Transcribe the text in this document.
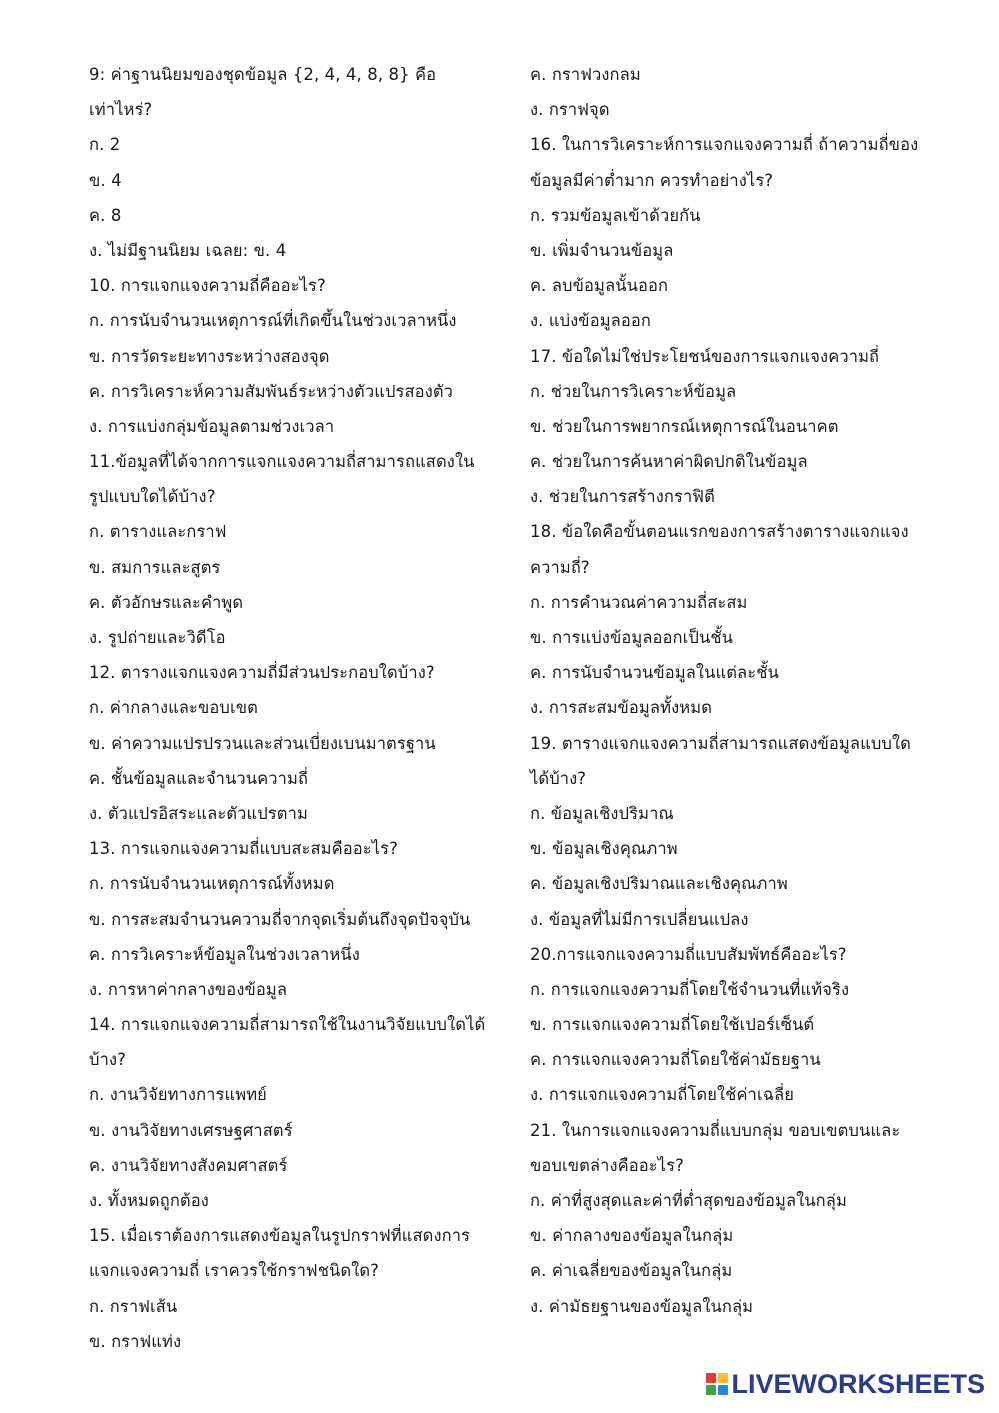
9: ค่าฐานนิยมของชุดข้อมูล {2, 4, 4, 8, 8} คือ
เท่าไหร่?
ก. 2
ข. 4
ค. 8
ง. ไม่มีฐานนิยม เฉลย: ข. 4
10. การแจกแจงความถี่คืออะไร?
ก. การนับจำนวนเหตุการณ์ที่เกิดขึ้นในช่วงเวลาหนึ่ง
ข. การวัดระยะทางระหว่างสองจุด
ค. การวิเคราะห์ความสัมพันธ์ระหว่างตัวแปรสองตัว
ง. การแบ่งกลุ่มข้อมูลตามช่วงเวลา
11.ข้อมูลที่ได้จากการแจกแจงความถี่สามารถแสดงใน
รูปแบบใดได้บ้าง?
ก. ตารางและกราฟ
ข. สมการและสูตร
ค. ตัวอักษรและคำพูด
ง. รูปถ่ายและวิดีโอ
12. ตารางแจกแจงความถี่มีส่วนประกอบใดบ้าง?
ก. ค่ากลางและขอบเขต
ข. ค่าความแปรปรวนและส่วนเบี่ยงเบนมาตรฐาน
ค. ชั้นข้อมูลและจำนวนความถี่
ง. ตัวแปรอิสระและตัวแปรตาม
13. การแจกแจงความถี่แบบสะสมคืออะไร?
ก. การนับจำนวนเหตุการณ์ทั้งหมด
ข. การสะสมจำนวนความถี่จากจุดเริ่มต้นถึงจุดปัจจุบัน
ค. การวิเคราะห์ข้อมูลในช่วงเวลาหนึ่ง
ง. การหาค่ากลางของข้อมูล
14. การแจกแจงความถี่สามารถใช้ในงานวิจัยแบบใดได้
บ้าง?
ก. งานวิจัยทางการแพทย์
ข. งานวิจัยทางเศรษฐศาสตร์
ค. งานวิจัยทางสังคมศาสตร์
ง. ทั้งหมดถูกต้อง
15. เมื่อเราต้องการแสดงข้อมูลในรูปกราฟที่แสดงการ
แจกแจงความถี่ เราควรใช้กราฟชนิดใด?
ก. กราฟเส้น
ข. กราฟแท่ง
ค. กราฟวงกลม
ง. กราฟจุด
16. ในการวิเคราะห์การแจกแจงความถี่ ถ้าความถี่ของ
ข้อมูลมีค่าต่ำมาก ควรทำอย่างไร?
ก. รวมข้อมูลเข้าด้วยกัน
ข. เพิ่มจำนวนข้อมูล
ค. ลบข้อมูลนั้นออก
ง. แบ่งข้อมูลออก
17. ข้อใดไม่ใช่ประโยชน์ของการแจกแจงความถี่
ก. ช่วยในการวิเคราะห์ข้อมูล
ข. ช่วยในการพยากรณ์เหตุการณ์ในอนาคต
ค. ช่วยในการค้นหาค่าผิดปกติในข้อมูล
ง. ช่วยในการสร้างกราฟิตี
18. ข้อใดคือขั้นตอนแรกของการสร้างตารางแจกแจง
ความถี่?
ก. การคำนวณค่าความถี่สะสม
ข. การแบ่งข้อมูลออกเป็นชั้น
ค. การนับจำนวนข้อมูลในแต่ละชั้น
ง. การสะสมข้อมูลทั้งหมด
19. ตารางแจกแจงความถี่สามารถแสดงข้อมูลแบบใด
ได้บ้าง?
ก. ข้อมูลเชิงปริมาณ
ข. ข้อมูลเชิงคุณภาพ
ค. ข้อมูลเชิงปริมาณและเชิงคุณภาพ
ง. ข้อมูลที่ไม่มีการเปลี่ยนแปลง
20.การแจกแจงความถี่แบบสัมพัทธ์คืออะไร?
ก. การแจกแจงความถี่โดยใช้จำนวนที่แท้จริง
ข. การแจกแจงความถี่โดยใช้เปอร์เซ็นต์
ค. การแจกแจงความถี่โดยใช้ค่ามัธยฐาน
ง. การแจกแจงความถี่โดยใช้ค่าเฉลี่ย
21. ในการแจกแจงความถี่แบบกลุ่ม ขอบเขตบนและ
ขอบเขตล่างคืออะไร?
ก. ค่าที่สูงสุดและค่าที่ต่ำสุดของข้อมูลในกลุ่ม
ข. ค่ากลางของข้อมูลในกลุ่ม
ค. ค่าเฉลี่ยของข้อมูลในกลุ่ม
ง. ค่ามัธยฐานของข้อมูลในกลุ่ม
LIVEWORKSHEETS
